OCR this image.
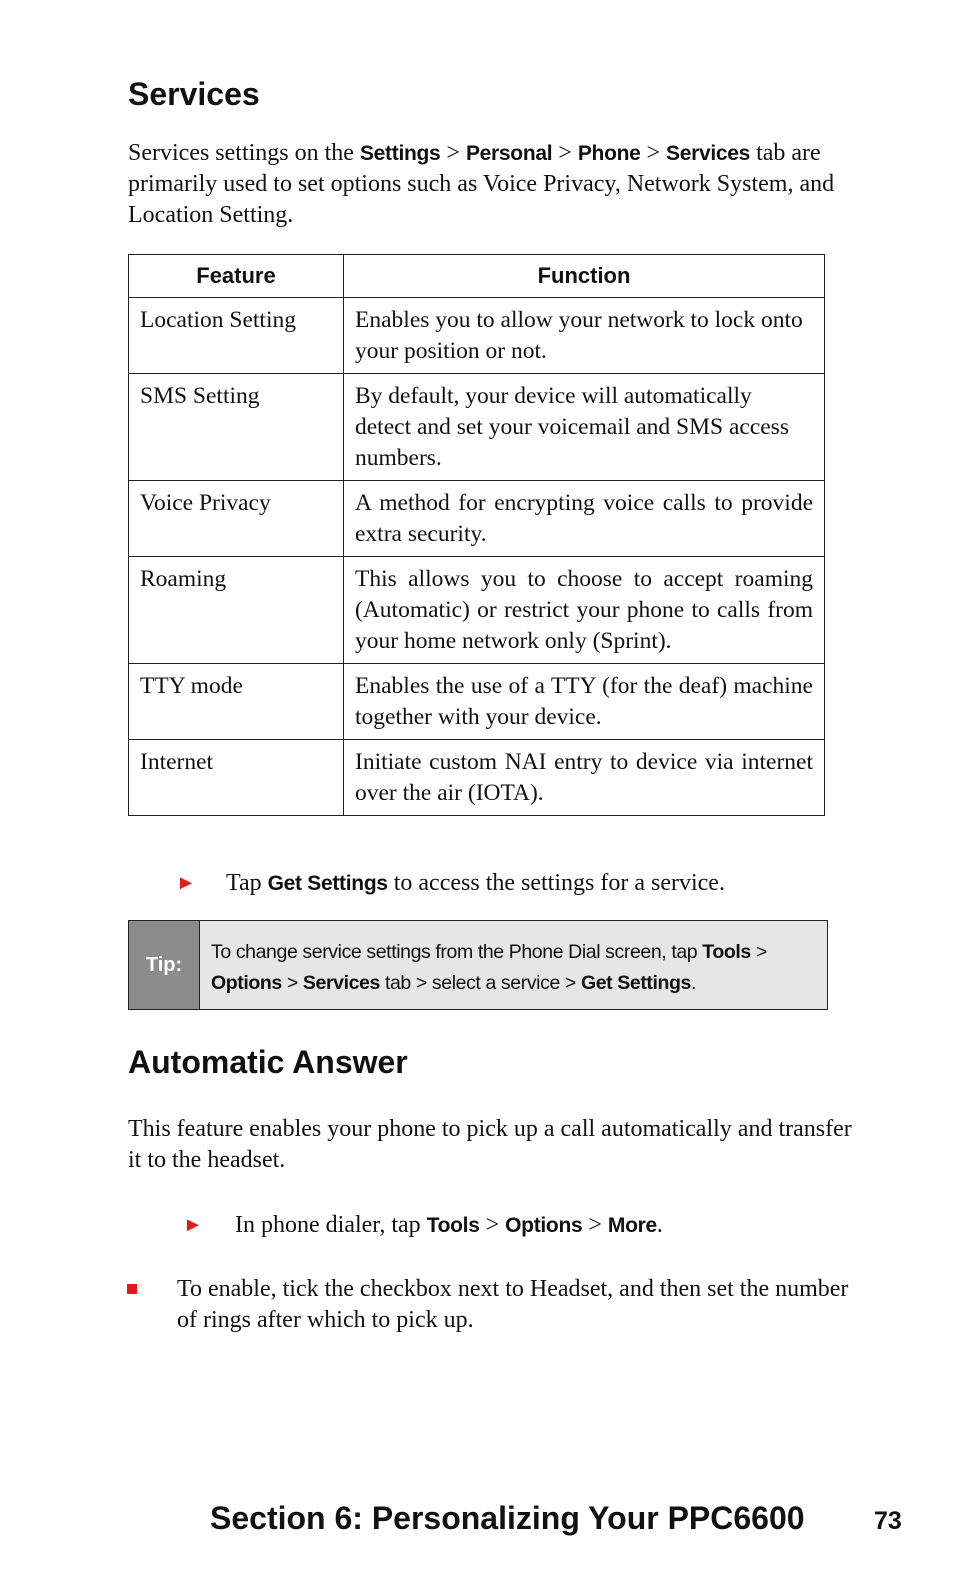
Services
Services settings on the Settings > Personal > Phone > Services tab are primarily used to set options such as Voice Privacy, Network System, and Location Setting.
Feature	Function
Location Setting	Enables you to allow your network to lock onto your position or not.
SMS Setting	By default, your device will automatically detect and set your voicemail and SMS access numbers.
Voice Privacy	A method for encrypting voice calls to provide extra security.
Roaming	This allows you to choose to accept roaming (Automatic) or restrict your phone to calls from your home network only (Sprint).
TTY mode	Enables the use of a TTY (for the deaf) machine together with your device.
Internet	Initiate custom NAI entry to device via internet over the air (IOTA).
► Tap Get Settings to access the settings for a service.
Tip:
To change service settings from the Phone Dial screen, tap Tools > Options > Services tab > select a service > Get Settings.
Automatic Answer
This feature enables your phone to pick up a call automatically and transfer it to the headset.
► In phone dialer, tap Tools > Options > More.
To enable, tick the checkbox next to Headset, and then set the number of rings after which to pick up.
Section 6: Personalizing Your PPC6600	73
